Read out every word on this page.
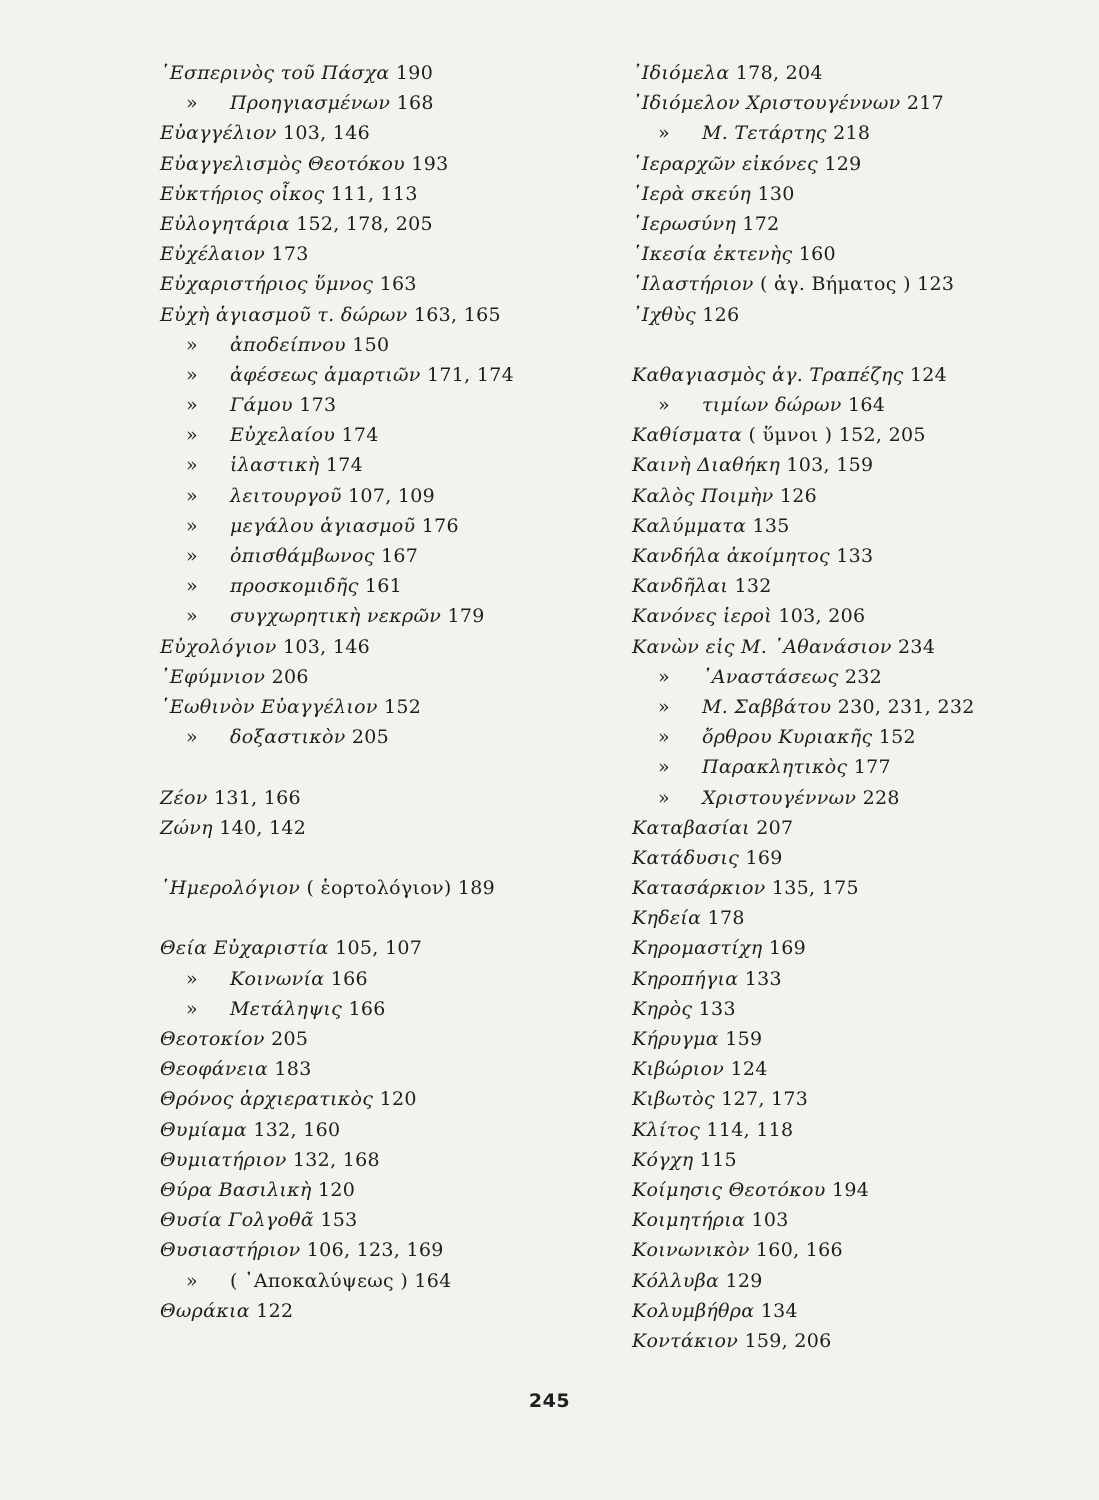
῾Εσπερινὸς τοῦ Πάσχα 190
» Προηγιασμένων 168
Εὐαγγέλιον 103, 146
Εὐαγγελισμὸς Θεοτόκου 193
Εὐκτήριος οἶκος 111, 113
Εὐλογητάρια 152, 178, 205
Εὐχέλαιον 173
Εὐχαριστήριος ὕμνος 163
Εὐχὴ ἁγιασμοῦ τ. δώρων 163, 165
» ἀποδείπνου 150
» ἀφέσεως ἁμαρτιῶν 171, 174
» Γάμου 173
» Εὐχελαίου 174
» ἱλαστικὴ 174
» λειτουργοῦ 107, 109
» μεγάλου ἁγιασμοῦ 176
» ὀπισθάμβωνος 167
» προσκομιδῆς 161
» συγχωρητικὴ νεκρῶν 179
Εὐχολόγιον 103, 146
᾿Εφύμνιον 206
῾Εωθινὸν Εὐαγγέλιον 152
» δοξαστικὸν 205
Ζέον 131, 166
Ζώνη 140, 142
῾Ημερολόγιον ( ἑορτολόγιον) 189
Θεία Εὐχαριστία 105, 107
» Κοινωνία 166
» Μετάληψις 166
Θεοτοκίον 205
Θεοφάνεια 183
Θρόνος ἀρχιερατικὸς 120
Θυμίαμα 132, 160
Θυμιατήριον 132, 168
Θύρα Βασιλικὴ 120
Θυσία Γολγοθᾶ 153
Θυσιαστήριον 106, 123, 169
» ( ᾿Αποκαλύψεως ) 164
Θωράκια 122
᾿Ιδιόμελα 178, 204
᾿Ιδιόμελον Χριστουγέννων 217
» Μ. Τετάρτης 218
῾Ιεραρχῶν εἰκόνες 129
῾Ιερὰ σκεύη 130
῾Ιερωσύνη 172
῾Ικεσία ἐκτενὴς 160
῾Ιλαστήριον ( ἁγ. Βήματος ) 123
᾿Ιχθὺς 126
Καθαγιασμὸς ἁγ. Τραπέζης 124
» τιμίων δώρων 164
Καθίσματα ( ὕμνοι ) 152, 205
Καινὴ Διαθήκη 103, 159
Καλὸς Ποιμὴν 126
Καλύμματα 135
Κανδήλα ἀκοίμητος 133
Κανδῆλαι 132
Κανόνες ἱεροὶ 103, 206
Κανὼν εἰς Μ. ᾿Αθανάσιον 234
» ᾿Αναστάσεως 232
» Μ. Σαββάτου 230, 231, 232
» ὄρθρου Κυριακῆς 152
» Παρακλητικὸς 177
» Χριστουγέννων 228
Καταβασίαι 207
Κατάδυσις 169
Κατασάρκιον 135, 175
Κηδεία 178
Κηρομαστίχη 169
Κηροπήγια 133
Κηρὸς 133
Κήρυγμα 159
Κιβώριον 124
Κιβωτὸς 127, 173
Κλίτος 114, 118
Κόγχη 115
Κοίμησις Θεοτόκου 194
Κοιμητήρια 103
Κοινωνικὸν 160, 166
Κόλλυβα 129
Κολυμβήθρα 134
Κοντάκιον 159, 206
245
